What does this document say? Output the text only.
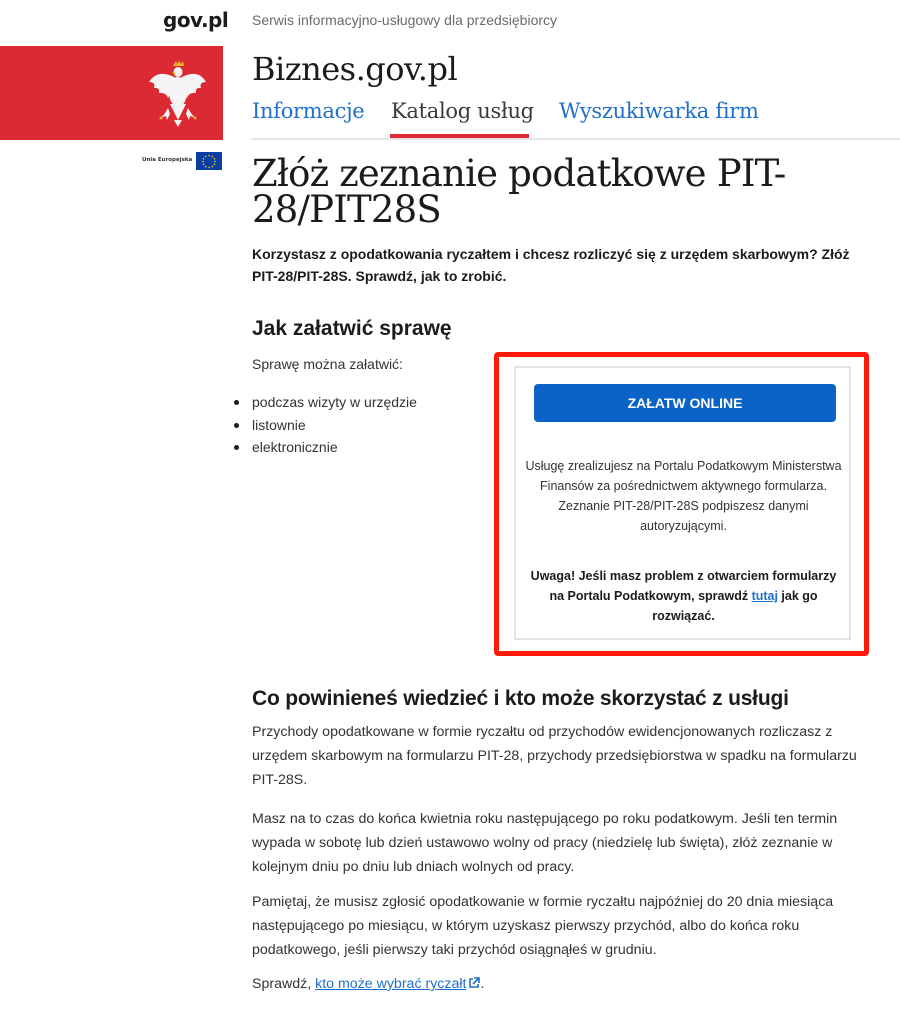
gov.pl
Unia Europejska
Serwis informacyjno-usługowy dla przedsiębiorcy
Biznes.gov.pl
Informacje Katalog usług Wyszukiwarka firm
Złóż zeznanie podatkowe PIT-28/PIT28S

Korzystasz z opodatkowania ryczałtem i chcesz rozliczyć się z urzędem skarbowym? Złóż PIT-28/PIT-28S. Sprawdź, jak to zrobić.

Jak załatwić sprawę

Sprawę można załatwić:

podczas wizyty w urzędzie
listownie
elektronicznie
ZAŁATW ONLINE

Usługę zrealizujesz na Portalu Podatkowym Ministerstwa Finansów za pośrednictwem aktywnego formularza. Zeznanie PIT-28/PIT-28S podpiszesz danymi autoryzującymi.

Uwaga! Jeśli masz problem z otwarciem formularzy na Portalu Podatkowym, sprawdź tutaj jak go rozwiązać.

Co powinieneś wiedzieć i kto może skorzystać z usługi

Przychody opodatkowane w formie ryczałtu od przychodów ewidencjonowanych rozliczasz z urzędem skarbowym na formularzu PIT-28, przychody przedsiębiorstwa w spadku na formularzu PIT-28S.

Masz na to czas do końca kwietnia roku następującego po roku podatkowym. Jeśli ten termin wypada w sobotę lub dzień ustawowo wolny od pracy (niedzielę lub święta), złóż zeznanie w kolejnym dniu po dniu lub dniach wolnych od pracy.

Pamiętaj, że musisz zgłosić opodatkowanie w formie ryczałtu najpóźniej do 20 dnia miesiąca następującego po miesiącu, w którym uzyskasz pierwszy przychód, albo do końca roku podatkowego, jeśli pierwszy taki przychód osiągnąłeś w grudniu.

Sprawdź, kto może wybrać ryczałt .
